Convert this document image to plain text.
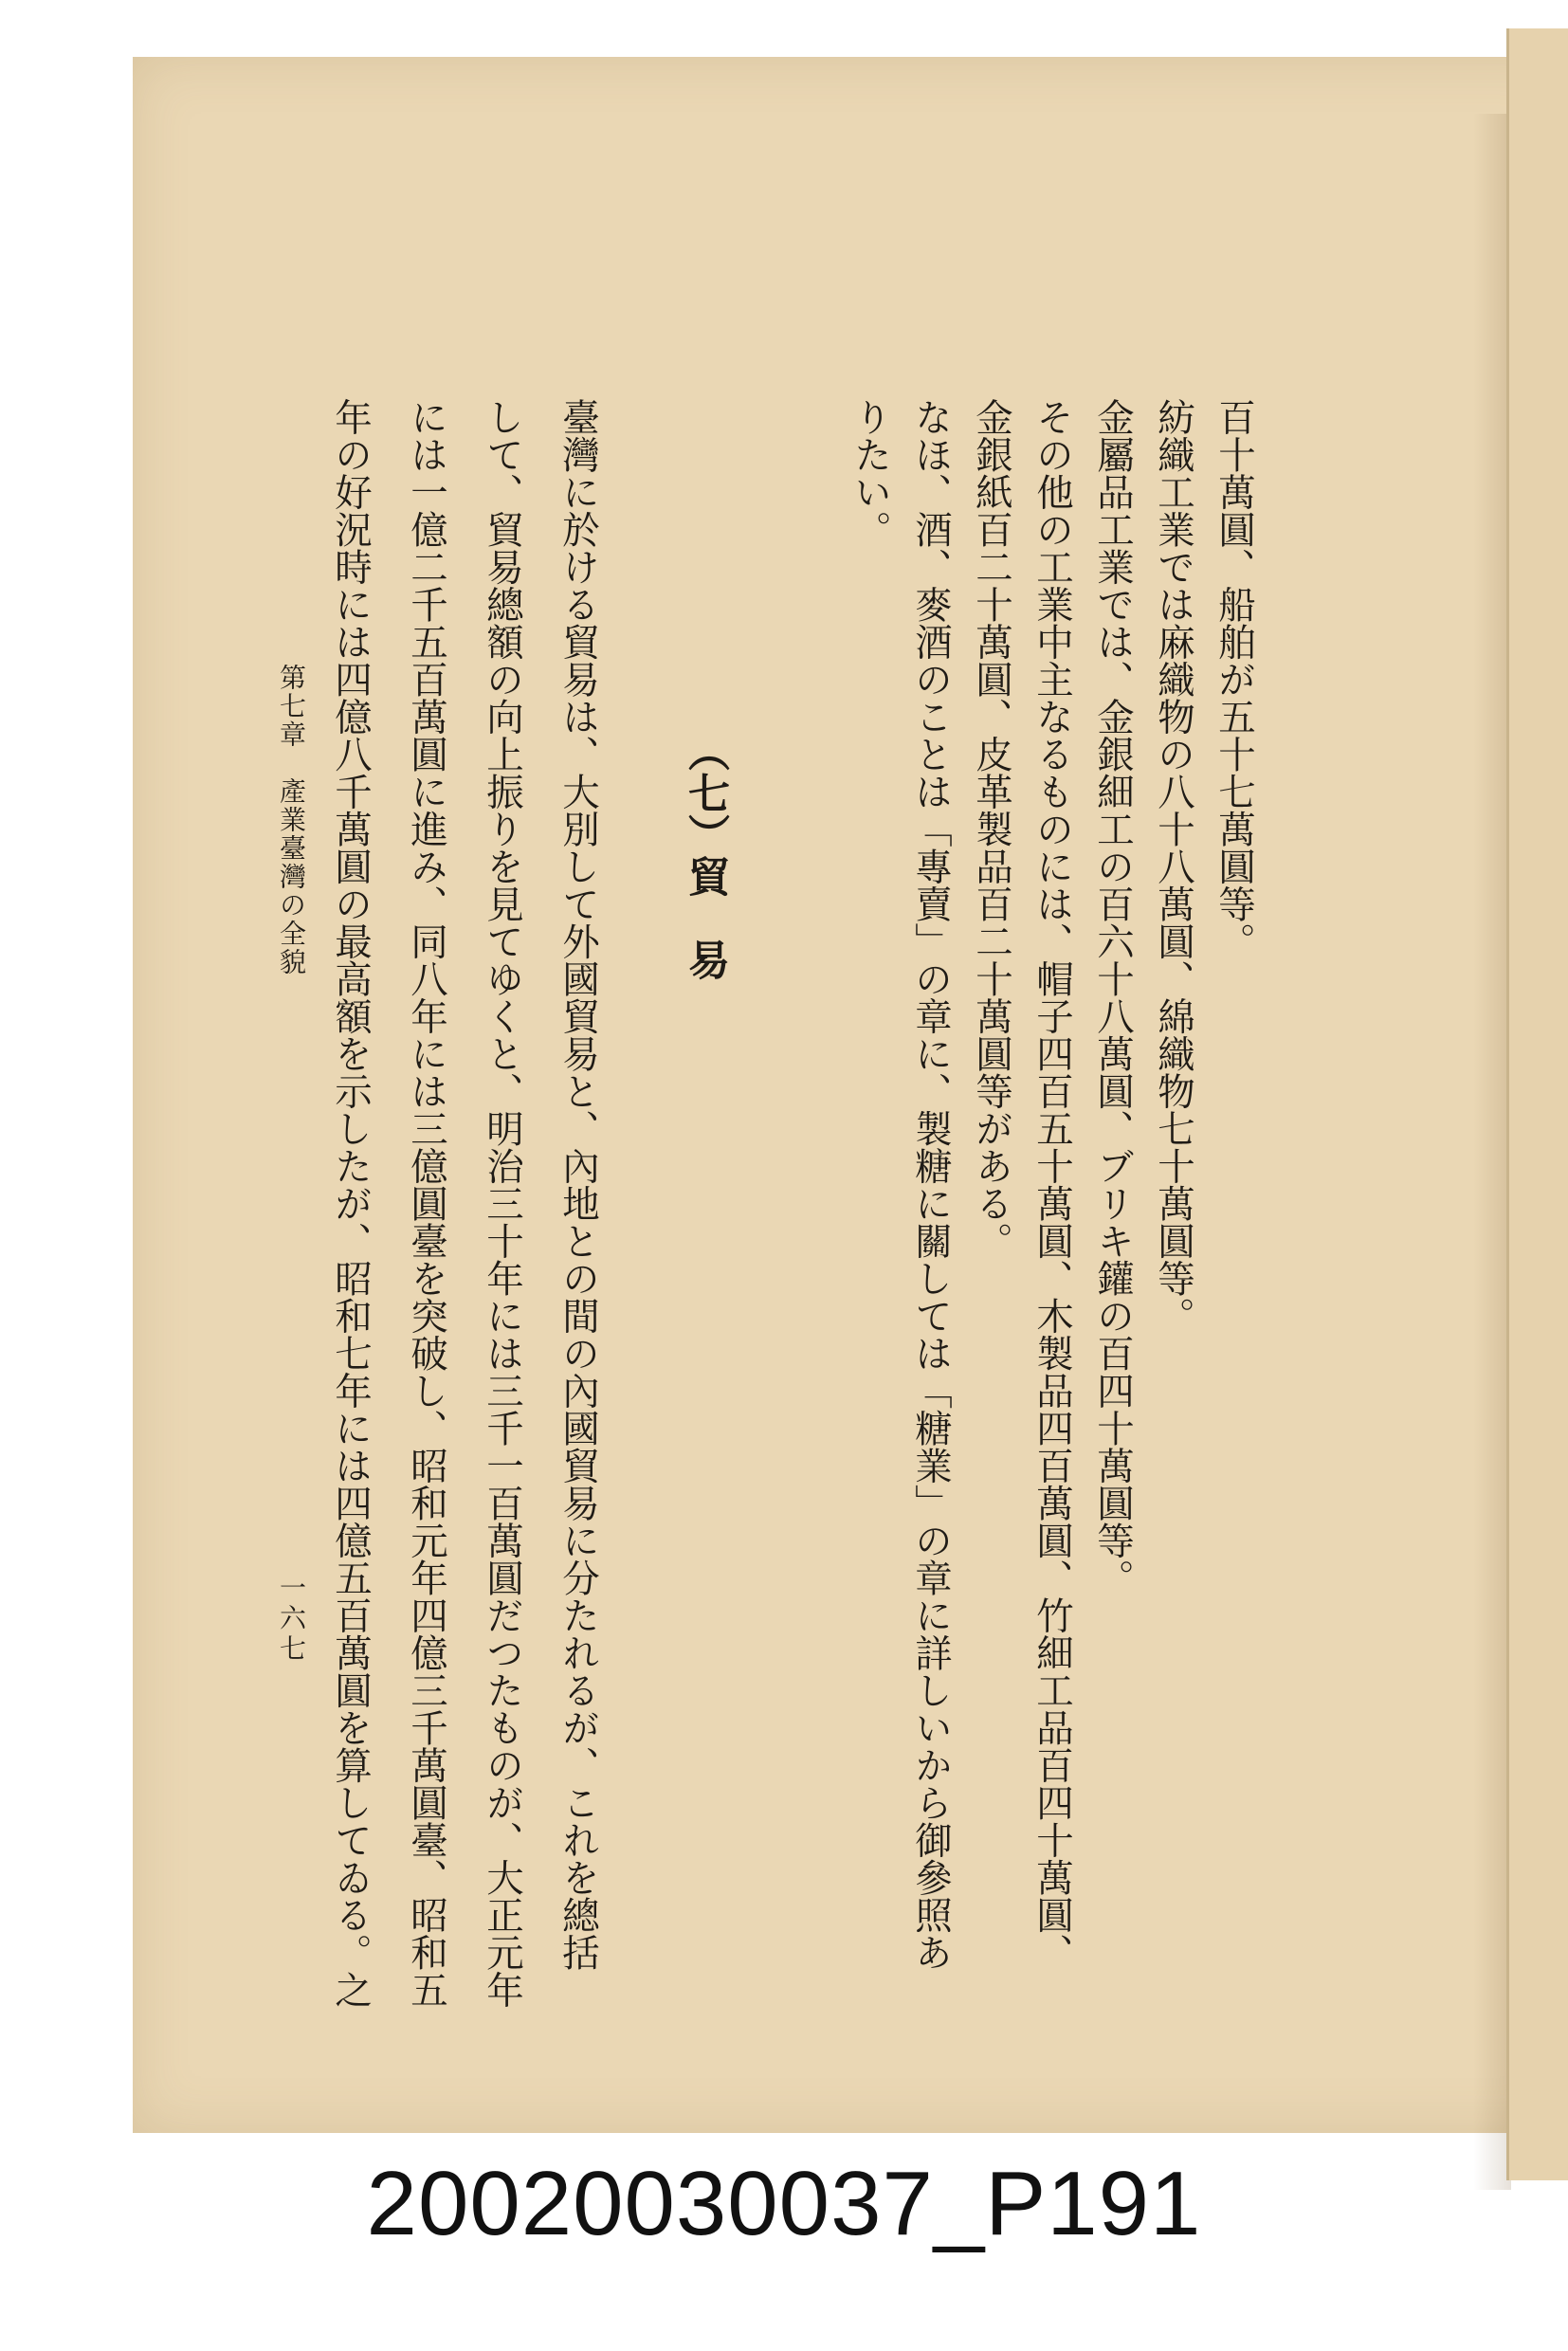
百十萬圓、船舶が五十七萬圓等。
紡織工業では麻織物の八十八萬圓、綿織物七十萬圓等。
金屬品工業では、金銀細工の百六十八萬圓、ブリキ鑵の百四十萬圓等。
その他の工業中主なるものには、帽子四百五十萬圓、木製品四百萬圓、竹細工品百四十萬圓、
金銀紙百二十萬圓、皮革製品百二十萬圓等がある。
なほ、酒、麥酒のことは「專賣」の章に、製糖に關しては「糖業」の章に詳しいから御參照あ
りたい。
（七）貿　易
臺灣に於ける貿易は、大別して外國貿易と、內地との間の內國貿易に分たれるが、これを總括
して、貿易總額の向上振りを見てゆくと、明治三十年には三千一百萬圓だつたものが、大正元年
には一億二千五百萬圓に進み、同八年には三億圓臺を突破し、昭和元年四億三千萬圓臺、昭和五
年の好況時には四億八千萬圓の最高額を示したが、昭和七年には四億五百萬圓を算してゐる。之
第七章　產業臺灣の全貌
一六七
20020030037_P191
